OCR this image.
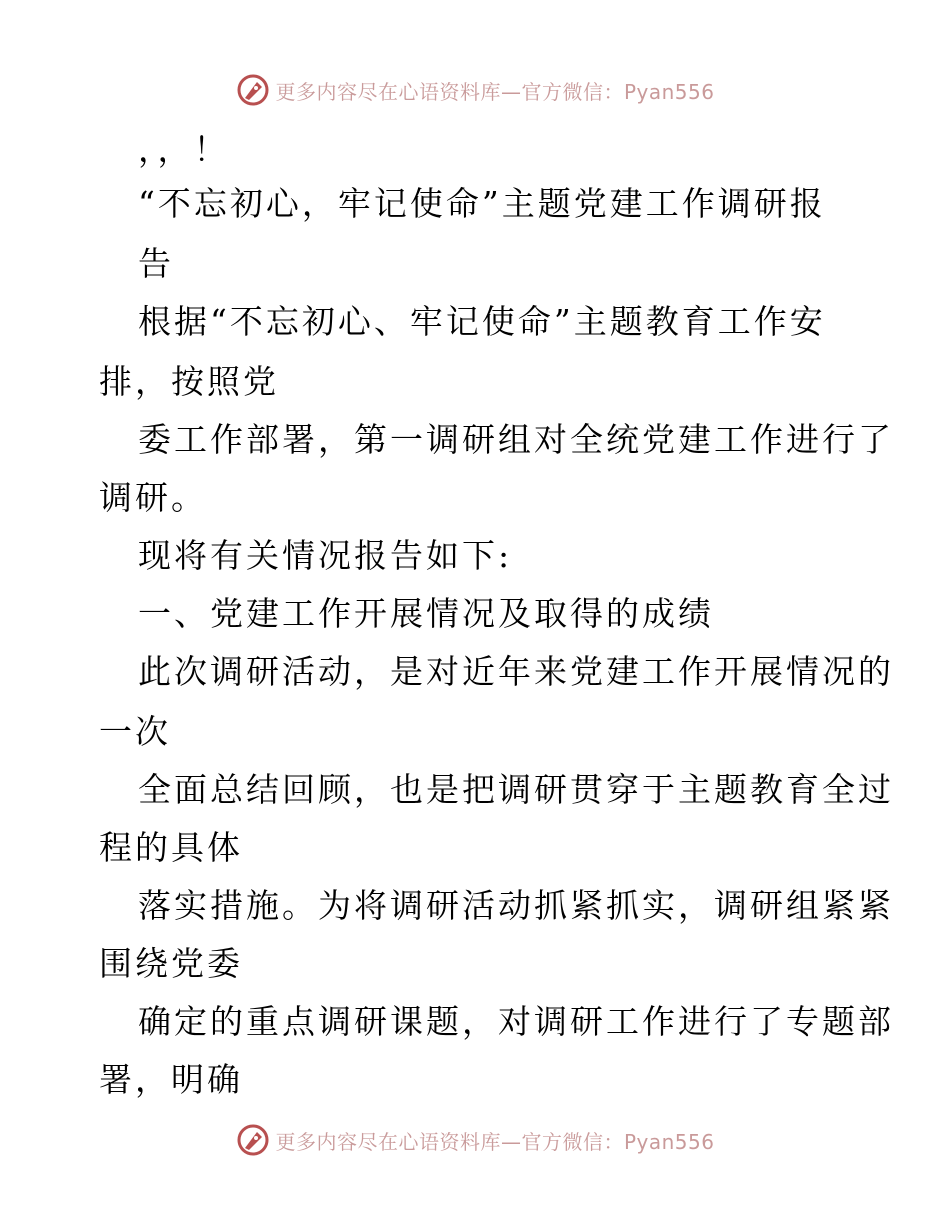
更多内容尽在心语资料库—官方微信：Pyan556
，，！
“不忘初心，牢记使命”主题党建工作调研报
告
根据“不忘初心、牢记使命”主题教育工作安
排，按照党
委工作部署，第一调研组对全统党建工作进行了
调研。
现将有关情况报告如下:
一、党建工作开展情况及取得的成绩
此次调研活动，是对近年来党建工作开展情况的
一次
全面总结回顾，也是把调研贯穿于主题教育全过
程的具体
落实措施。为将调研活动抓紧抓实，调研组紧紧
围绕党委
确定的重点调研课题，对调研工作进行了专题部
署，明确
更多内容尽在心语资料库—官方微信：Pyan556
